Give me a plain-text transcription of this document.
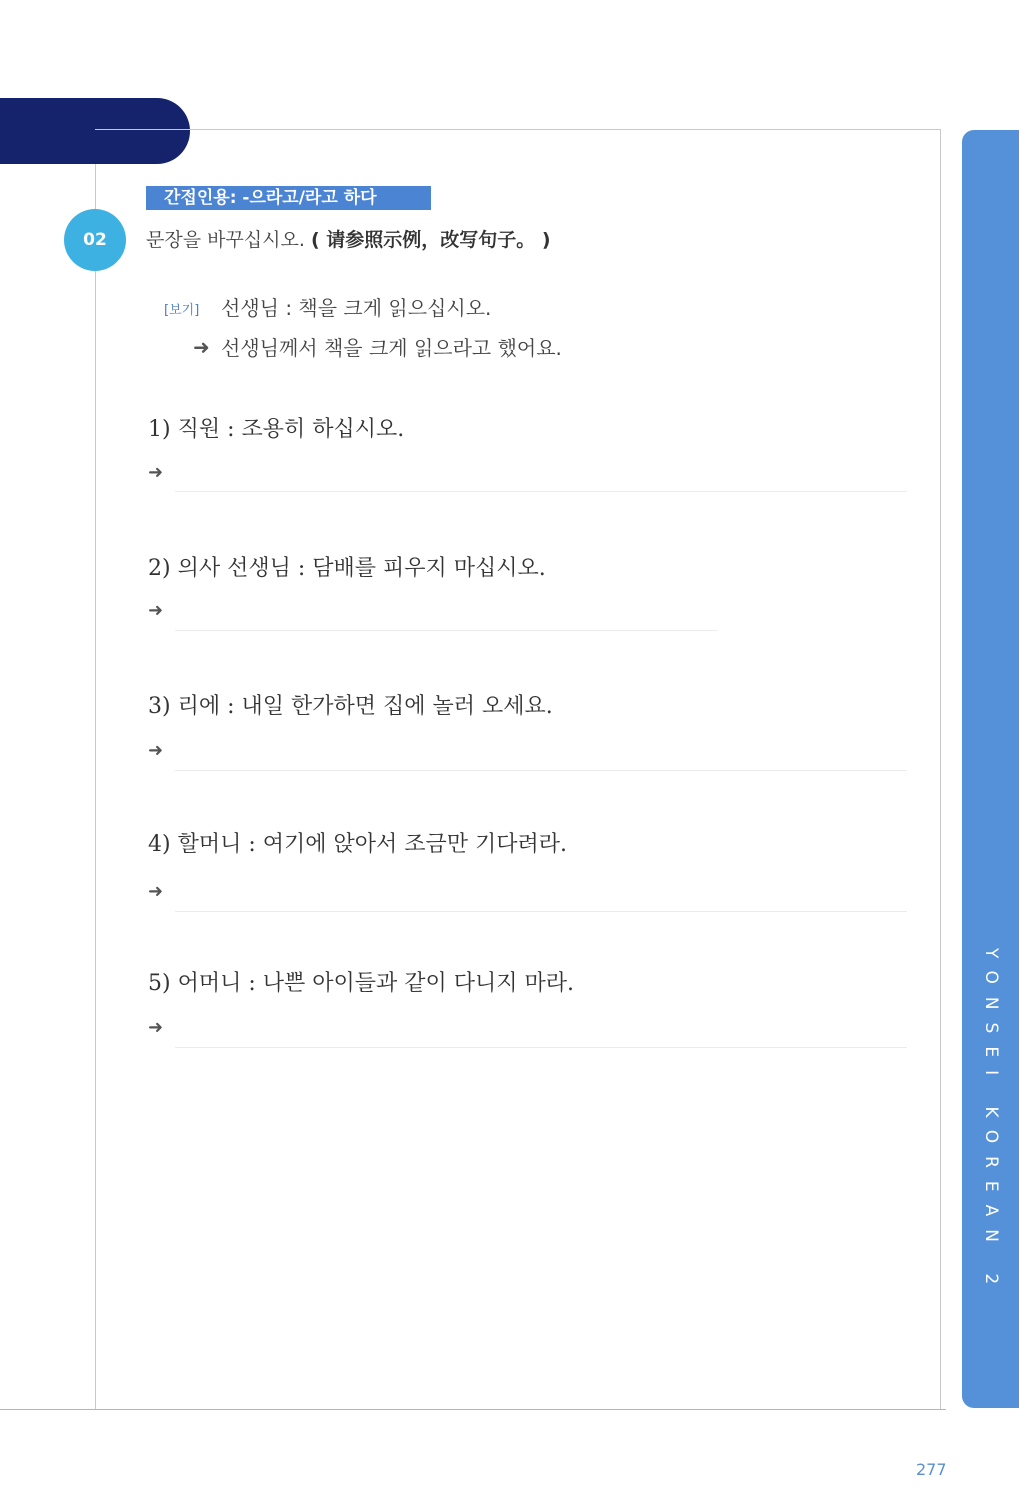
YONSEI KOREAN 2
간접인용: -으라고/라고 하다
02	문장을 바꾸십시오. ( 请参照示例，改写句子。 )
[보기] 선생님 : 책을 크게 읽으십시오.
➜ 선생님께서 책을 크게 읽으라고 했어요.
1) 직원 : 조용히 하십시오.
➜
2) 의사 선생님 : 담배를 피우지 마십시오.
➜
3) 리에 : 내일 한가하면 집에 놀러 오세요.
➜
4) 할머니 : 여기에 앉아서 조금만 기다려라.
➜
5) 어머니 : 나쁜 아이들과 같이 다니지 마라.
➜
277
